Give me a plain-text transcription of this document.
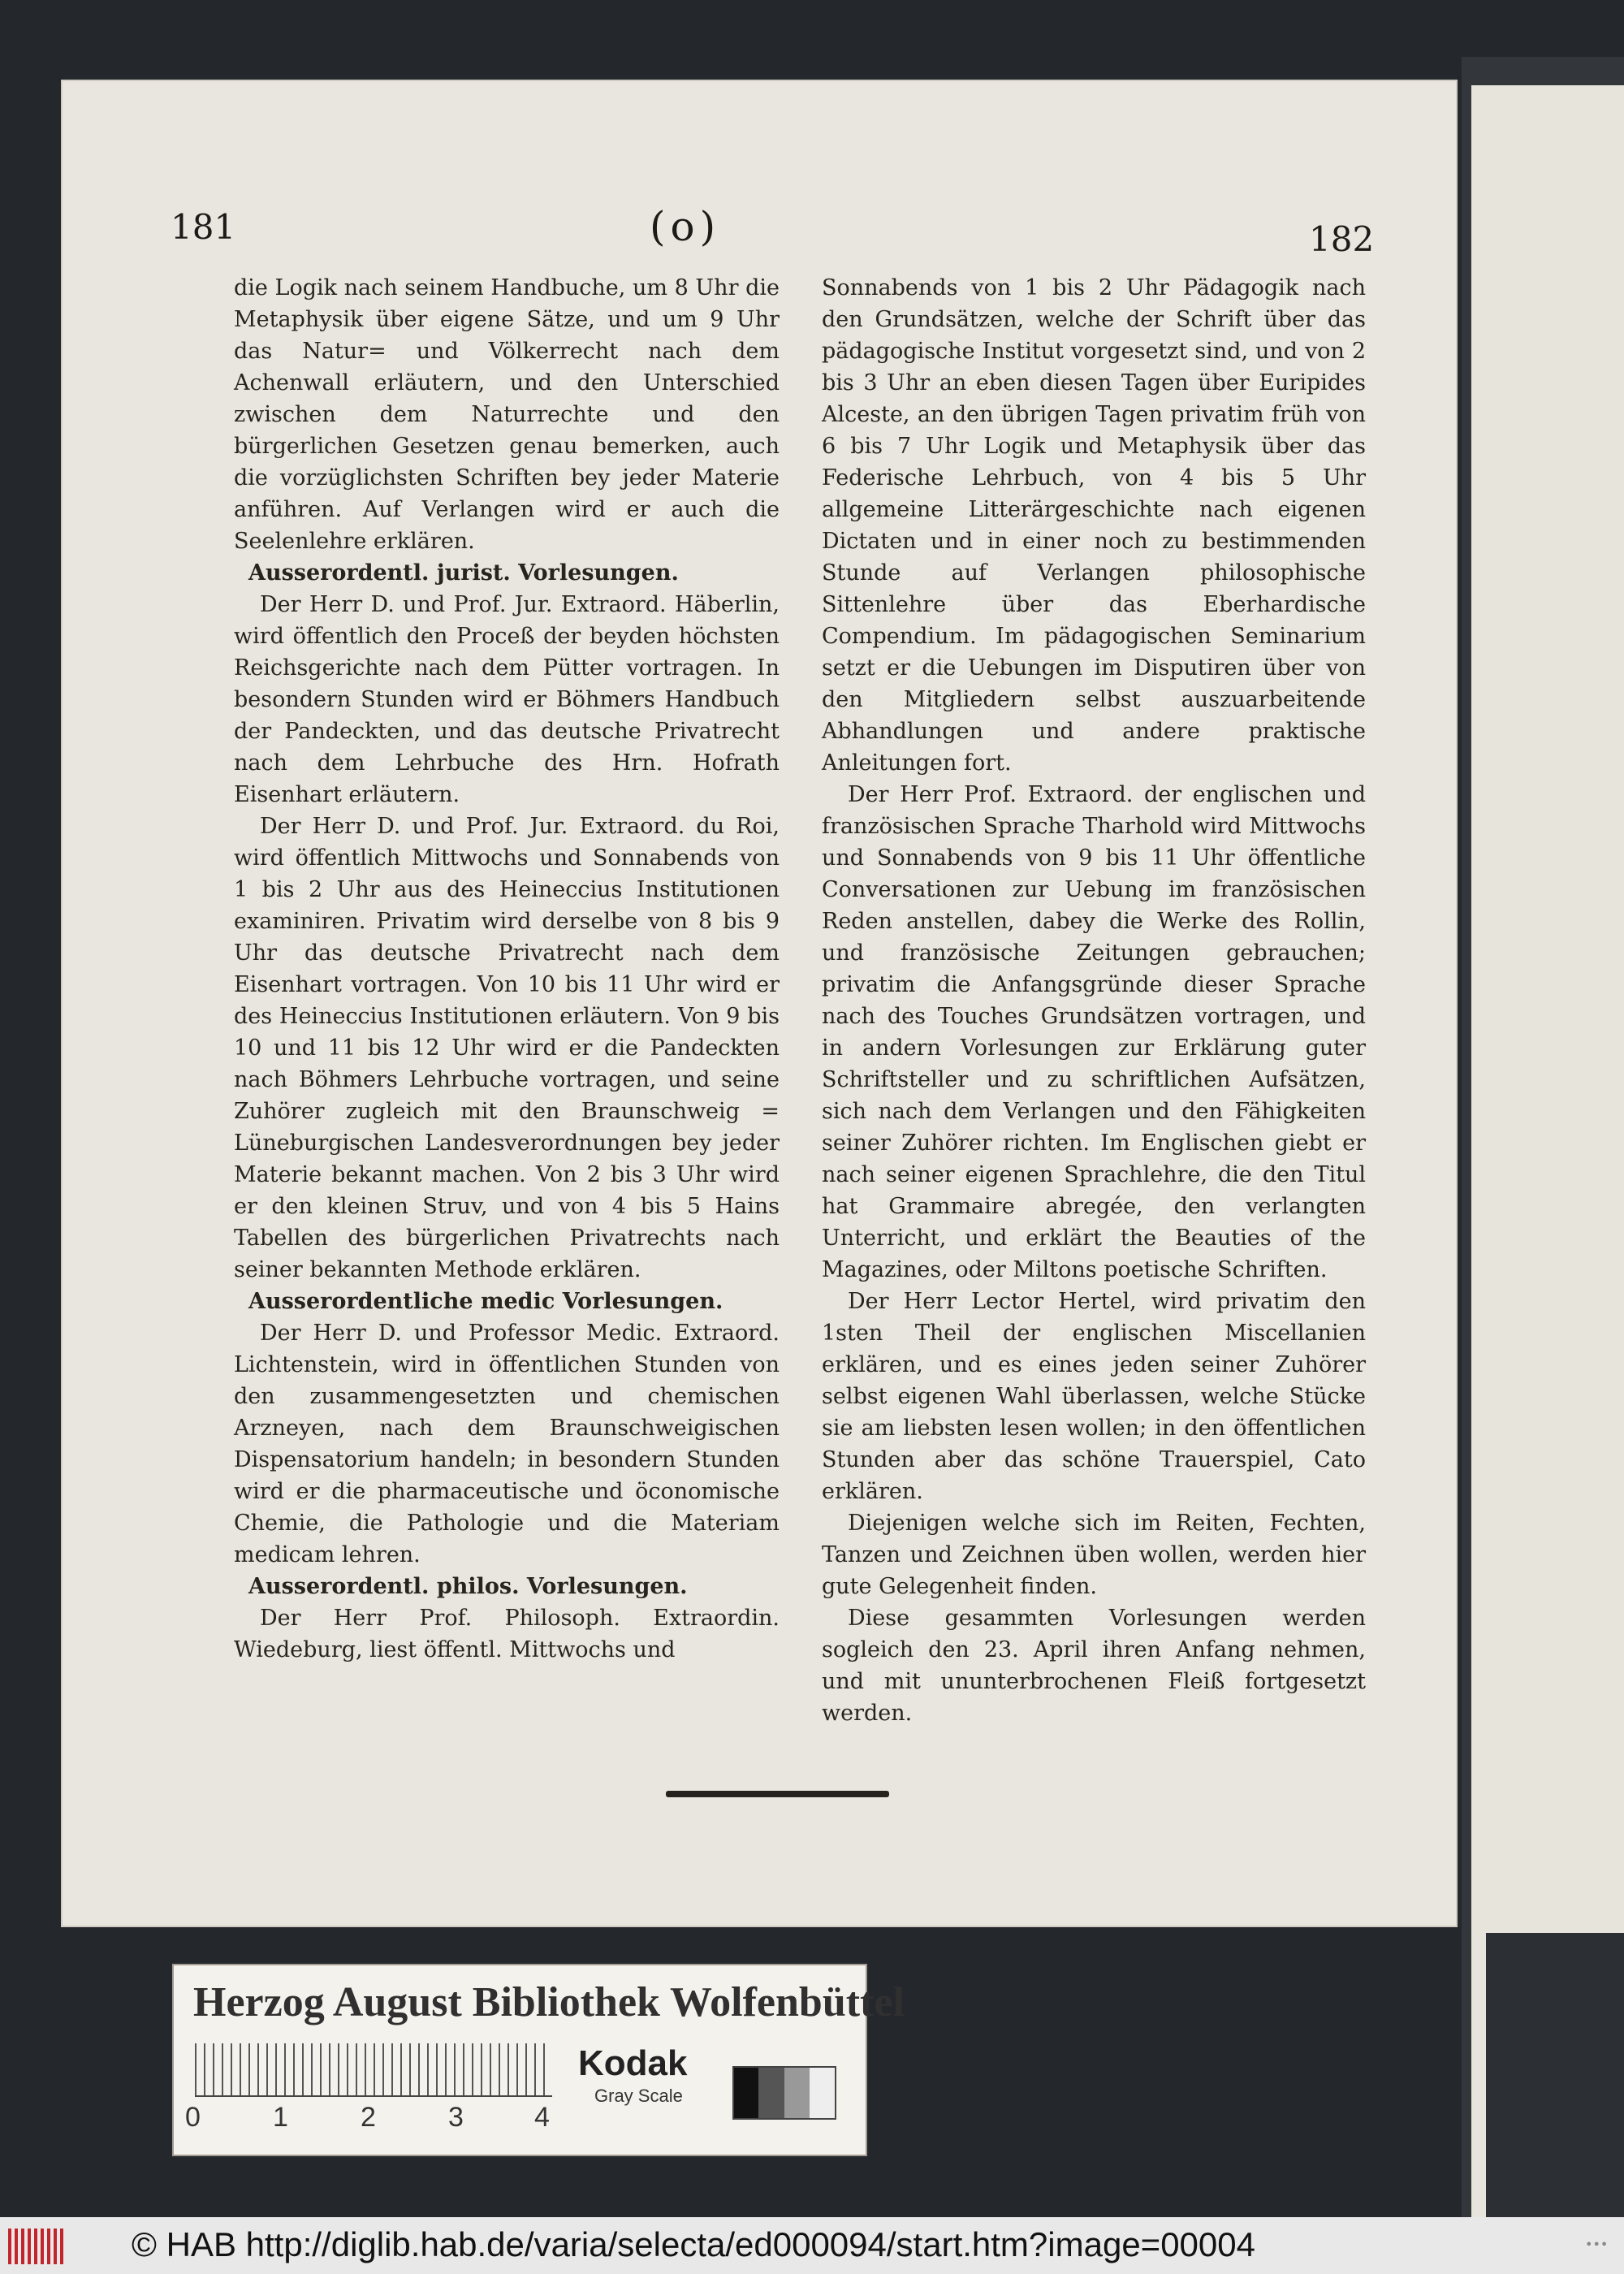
181	(o)	182

die Logik nach seinem Handbuche, um 8 Uhr die Metaphysik über eigene Sätze, und um 9 Uhr das Natur= und Völkerrecht nach dem Achenwall erläutern, und den Unterschied zwischen dem Naturrechte und den bürgerlichen Gesetzen genau bemerken, auch die vorzüglichsten Schriften bey jeder Materie anführen. Auf Verlangen wird er auch die Seelenlehre erklären.

Ausserordentl. jurist. Vorlesungen.

Der Herr D. und Prof. Jur. Extraord. Häberlin, wird öffentlich den Proceß der beyden höchsten Reichsgerichte nach dem Pütter vortragen. In besondern Stunden wird er Böhmers Handbuch der Pandeckten, und das deutsche Privatrecht nach dem Lehrbuche des Hrn. Hofrath Eisenhart erläutern.

Der Herr D. und Prof. Jur. Extraord. du Roi, wird öffentlich Mittwochs und Sonnabends von 1 bis 2 Uhr aus des Heineccius Institutionen examiniren. Privatim wird derselbe von 8 bis 9 Uhr das deutsche Privatrecht nach dem Eisenhart vortragen. Von 10 bis 11 Uhr wird er des Heineccius Institutionen erläutern. Von 9 bis 10 und 11 bis 12 Uhr wird er die Pandeckten nach Böhmers Lehrbuche vortragen, und seine Zuhörer zugleich mit den Braunschweig = Lüneburgischen Landesverordnungen bey jeder Materie bekannt machen. Von 2 bis 3 Uhr wird er den kleinen Struv, und von 4 bis 5 Hains Tabellen des bürgerlichen Privatrechts nach seiner bekannten Methode erklären.

Ausserordentliche medic Vorlesungen.

Der Herr D. und Professor Medic. Extraord. Lichtenstein, wird in öffentlichen Stunden von den zusammengesetzten und chemischen Arzneyen, nach dem Braunschweigischen Dispensatorium handeln; in besondern Stunden wird er die pharmaceutische und öconomische Chemie, die Pathologie und die Materiam medicam lehren.

Ausserordentl. philos. Vorlesungen.

Der Herr Prof. Philosoph. Extraordin. Wiedeburg, liest öffentl. Mittwochs und

Sonnabends von 1 bis 2 Uhr Pädagogik nach den Grundsätzen, welche der Schrift über das pädagogische Institut vorgesetzt sind, und von 2 bis 3 Uhr an eben diesen Tagen über Euripides Alceste, an den übrigen Tagen privatim früh von 6 bis 7 Uhr Logik und Metaphysik über das Federische Lehrbuch, von 4 bis 5 Uhr allgemeine Litterärgeschichte nach eigenen Dictaten und in einer noch zu bestimmenden Stunde auf Verlangen philosophische Sittenlehre über das Eberhardische Compendium. Im pädagogischen Seminarium setzt er die Uebungen im Disputiren über von den Mitgliedern selbst auszuarbeitende Abhandlungen und andere praktische Anleitungen fort.

Der Herr Prof. Extraord. der englischen und französischen Sprache Tharhold wird Mittwochs und Sonnabends von 9 bis 11 Uhr öffentliche Conversationen zur Uebung im französischen Reden anstellen, dabey die Werke des Rollin, und französische Zeitungen gebrauchen; privatim die Anfangsgründe dieser Sprache nach des Touches Grundsätzen vortragen, und in andern Vorlesungen zur Erklärung guter Schriftsteller und zu schriftlichen Aufsätzen, sich nach dem Verlangen und den Fähigkeiten seiner Zuhörer richten. Im Englischen giebt er nach seiner eigenen Sprachlehre, die den Titul hat Grammaire abregée, den verlangten Unterricht, und erklärt the Beauties of the Magazines, oder Miltons poetische Schriften.

Der Herr Lector Hertel, wird privatim den 1sten Theil der englischen Miscellanien erklären, und es eines jeden seiner Zuhörer selbst eigenen Wahl überlassen, welche Stücke sie am liebsten lesen wollen; in den öffentlichen Stunden aber das schöne Trauerspiel, Cato erklären.

Diejenigen welche sich im Reiten, Fechten, Tanzen und Zeichnen üben wollen, werden hier gute Gelegenheit finden.

Diese gesammten Vorlesungen werden sogleich den 23. April ihren Anfang nehmen, und mit ununterbrochenen Fleiß fortgesetzt werden.

Herzog August Bibliothek Wolfenbüttel
0	1	2	3	4
Kodak
Gray Scale
© HAB http://diglib.hab.de/varia/selecta/ed000094/start.htm?image=00004	•••
